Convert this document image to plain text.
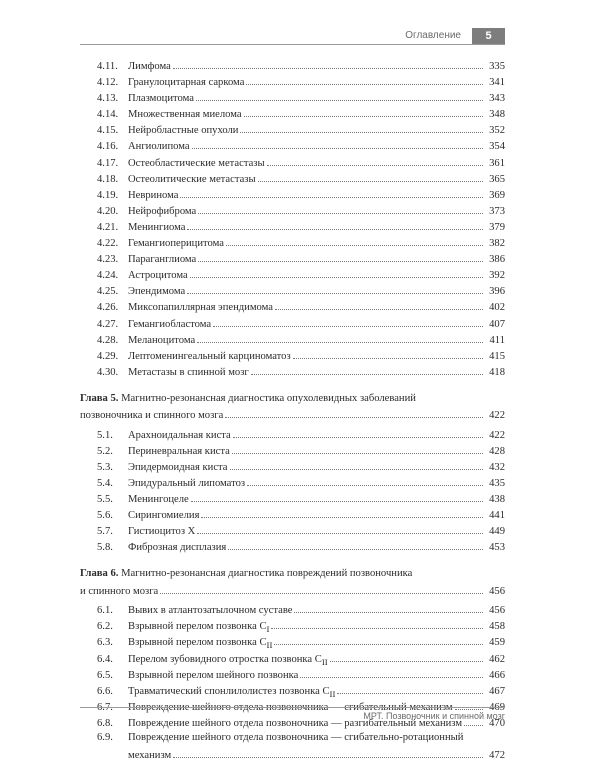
Оглавление	5
4.11. Лимфома	335
4.12. Гранулоцитарная саркома	341
4.13. Плазмоцитома	343
4.14. Множественная миелома	348
4.15. Нейробластные опухоли	352
4.16. Ангиолипома	354
4.17. Остеобластические метастазы	361
4.18. Остеолитические метастазы	365
4.19. Невринома	369
4.20. Нейрофиброма	373
4.21. Менингиома	379
4.22. Гемангиоперицитома	382
4.23. Параганглиома	386
4.24. Астроцитома	392
4.25. Эпендимома	396
4.26. Миксопапиллярная эпендимома	402
4.27. Гемангиобластома	407
4.28. Меланоцитома	411
4.29. Лептоменингеальный карциноматоз	415
4.30. Метастазы в спинной мозг	418
Глава 5. Магнитно-резонансная диагностика опухолевидных заболеваний
позвоночника и спинного мозга	422
5.1.	Арахноидальная киста	422
5.2.	Периневральная киста	428
5.3.	Эпидермоидная киста	432
5.4.	Эпидуральный липоматоз	435
5.5.	Менингоцеле	438
5.6.	Сирингомиелия	441
5.7.	Гистиоцитоз Х	449
5.8.	Фиброзная дисплазия	453
Глава 6. Магнитно-резонансная диагностика повреждений позвоночника
и спинного мозга	456
6.1.	Вывих в атлантозатылочном суставе	456
6.2.	Взрывной перелом позвонка $C_I$	458
6.3.	Взрывной перелом позвонка $C_{II}$	459
6.4.	Перелом зубовидного отростка позвонка $C_{II}$	462
6.5.	Взрывной перелом шейного позвонка	466
6.6.	Травматический спонлилолистез позвонка $C_{II}$	467
6.7.	Повреждение шейного отдела позвоночника — сгибательный механизм	469
6.8.	Повреждение шейного отдела позвоночника — разгибательный механизм	470
6.9. Повреждение шейного отдела позвоночника — сгибательно-ротационный
механизм	472
МРТ. Позвоночник и спинной мозг
